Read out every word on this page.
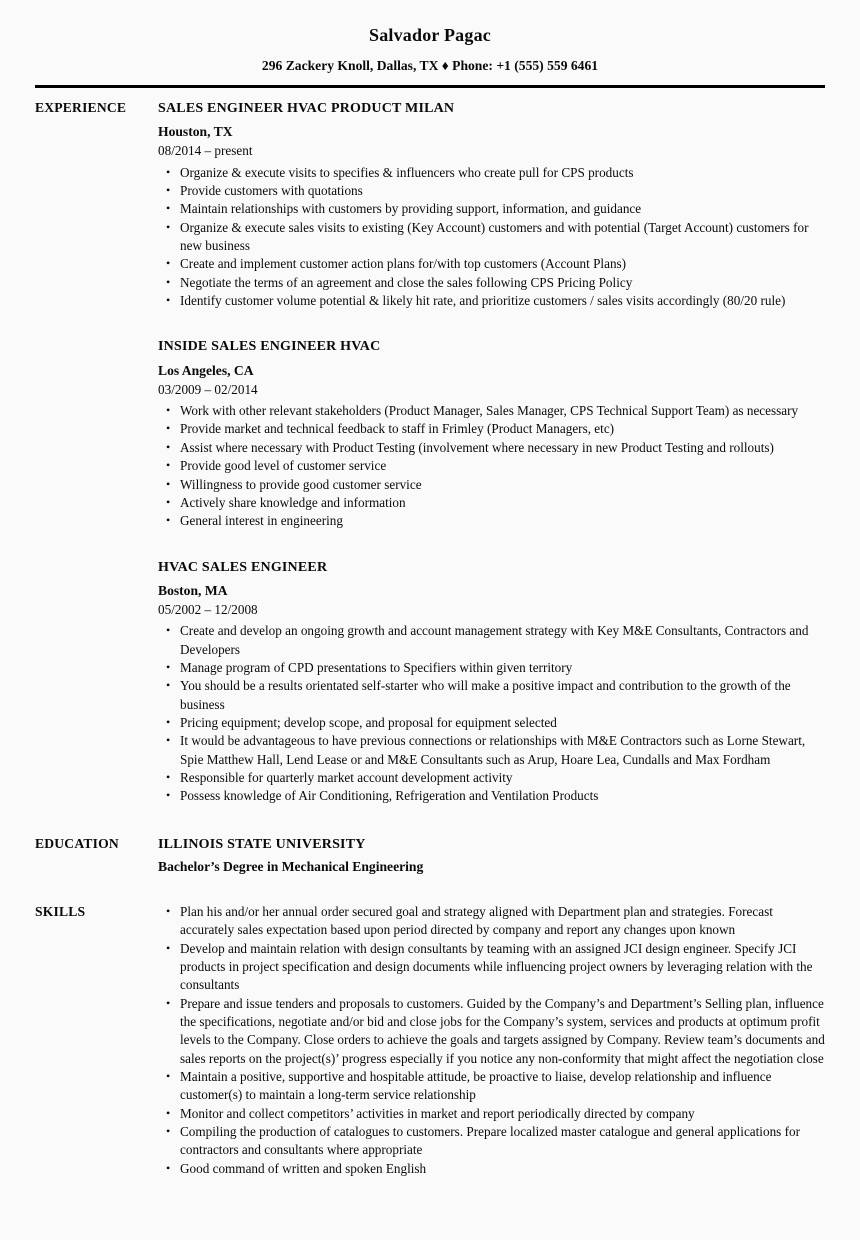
Salvador Pagac
296 Zackery Knoll, Dallas, TX ♦ Phone: +1 (555) 559 6461
EXPERIENCE	SALES ENGINEER HVAC PRODUCT MILAN
Houston, TX
08/2014 – present
• Organize & execute visits to specifies & influencers who create pull for CPS products
• Provide customers with quotations
• Maintain relationships with customers by providing support, information, and guidance
• Organize & execute sales visits to existing (Key Account) customers and with potential (Target Account) customers for new business
• Create and implement customer action plans for/with top customers (Account Plans)
• Negotiate the terms of an agreement and close the sales following CPS Pricing Policy
• Identify customer volume potential & likely hit rate, and prioritize customers / sales visits accordingly (80/20 rule)
INSIDE SALES ENGINEER HVAC
Los Angeles, CA
03/2009 – 02/2014
• Work with other relevant stakeholders (Product Manager, Sales Manager, CPS Technical Support Team) as necessary
• Provide market and technical feedback to staff in Frimley (Product Managers, etc)
• Assist where necessary with Product Testing (involvement where necessary in new Product Testing and rollouts)
• Provide good level of customer service
• Willingness to provide good customer service
• Actively share knowledge and information
• General interest in engineering
HVAC SALES ENGINEER
Boston, MA
05/2002 – 12/2008
• Create and develop an ongoing growth and account management strategy with Key M&E Consultants, Contractors and Developers
• Manage program of CPD presentations to Specifiers within given territory
• You should be a results orientated self-starter who will make a positive impact and contribution to the growth of the business
• Pricing equipment; develop scope, and proposal for equipment selected
• It would be advantageous to have previous connections or relationships with M&E Contractors such as Lorne Stewart, Spie Matthew Hall, Lend Lease or and M&E Consultants such as Arup, Hoare Lea, Cundalls and Max Fordham
• Responsible for quarterly market account development activity
• Possess knowledge of Air Conditioning, Refrigeration and Ventilation Products
EDUCATION	ILLINOIS STATE UNIVERSITY
Bachelor’s Degree in Mechanical Engineering
SKILLS	• Plan his and/or her annual order secured goal and strategy aligned with Department plan and strategies. Forecast accurately sales expectation based upon period directed by company and report any changes upon known
• Develop and maintain relation with design consultants by teaming with an assigned JCI design engineer. Specify JCI products in project specification and design documents while influencing project owners by leveraging relation with the consultants
• Prepare and issue tenders and proposals to customers. Guided by the Company’s and Department’s Selling plan, influence the specifications, negotiate and/or bid and close jobs for the Company’s system, services and products at optimum profit levels to the Company. Close orders to achieve the goals and targets assigned by Company. Review team’s documents and sales reports on the project(s)’ progress especially if you notice any non-conformity that might affect the negotiation close
• Maintain a positive, supportive and hospitable attitude, be proactive to liaise, develop relationship and influence customer(s) to maintain a long-term service relationship
• Monitor and collect competitors’ activities in market and report periodically directed by company
• Compiling the production of catalogues to customers. Prepare localized master catalogue and general applications for contractors and consultants where appropriate
• Good command of written and spoken English
